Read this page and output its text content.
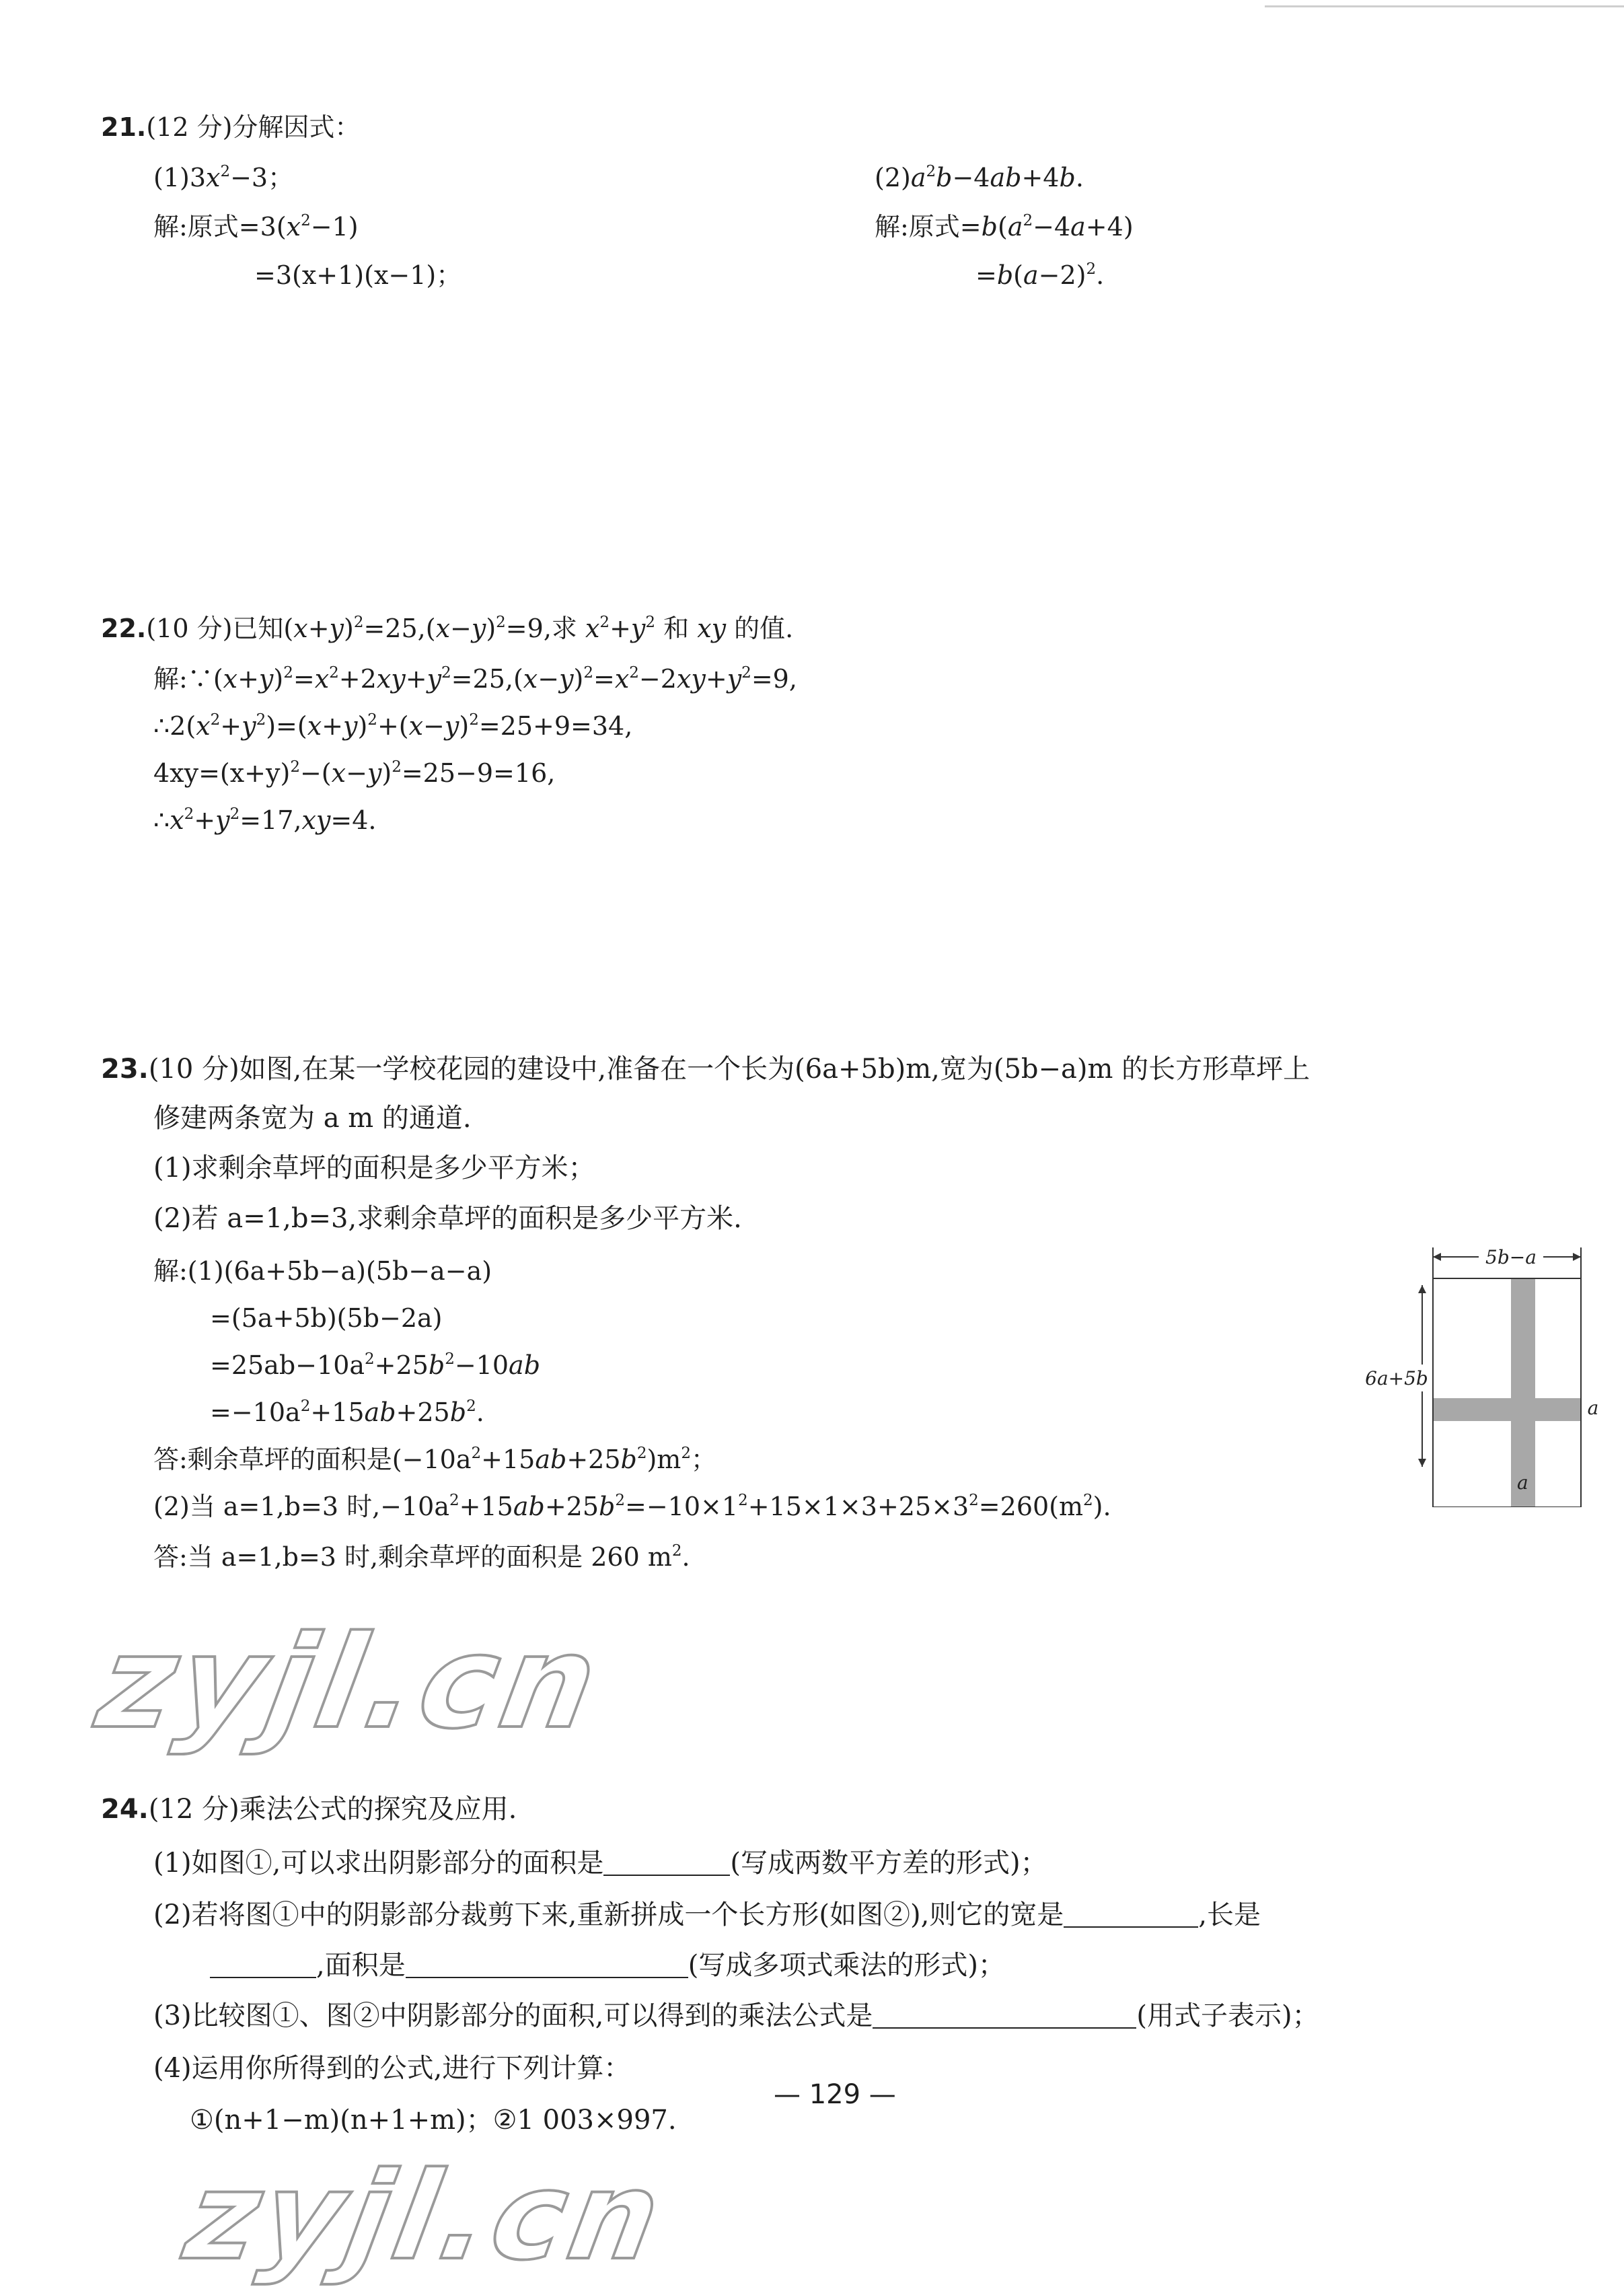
21.(12 分)分解因式：
$(1)3x^2-3$；
解:原式$=3(x^2-1)$
=3(x+1)(x−1)；
$(2)a^2b-4ab+4b$.
解:原式$=b(a^2-4a+4)$
$=b(a-2)^2$.
22.(10 分)已知$(x+y)^2=25,(x-y)^2=9$,求 $x^2+y^2$ 和 xy 的值.
解$:\because(x+y)^2=x^2+2xy+y^2=25,(x-y)^2=x^2-2xy+y^2=9$,
$\therefore 2(x^2+y^2)=(x+y)^2+(x-y)^2=25+9=34$,
$4xy=(x+y)^2-(x-y)^2=25-9=16$,
$\therefore x^2+y^2=17,xy=4$.
23.(10 分)如图,在某一学校花园的建设中,准备在一个长为(6a+5b)m,宽为(5b−a)m 的长方形草坪上
修建两条宽为 a m 的通道.
(1)求剩余草坪的面积是多少平方米；
(2)若 a=1,b=3,求剩余草坪的面积是多少平方米.
解:(1)(6a+5b−a)(5b−a−a)
=(5a+5b)(5b−2a)
$=25ab-10a^2+25b^2-10ab$
$=-10a^2+15ab+25b^2$.
答:剩余草坪的面积是$(-10a^2+15ab+25b^2)m^2$；
(2)当 a=1,b=3 时$,-10a^2+15ab+25b^2=-10\times 1^2+15\times 1\times 3+25\times 3^2=260(m^2)$.
答:当 a=1,b=3 时,剩余草坪的面积是 260 $m^2$.
5b−a
6a+5b
a
a
zyjl.cn
24.(12 分)乘法公式的探究及应用.
(1)如图①,可以求出阴影部分的面积是	(写成两数平方差的形式)；
(2)若将图①中的阴影部分裁剪下来,重新拼成一个长方形(如图②),则它的宽是	,长是
,面积是	(写成多项式乘法的形式)；
(3)比较图①、图②中阴影部分的面积,可以得到的乘法公式是	(用式子表示)；
(4)运用你所得到的公式,进行下列计算：
①(n+1−m)(n+1+m)；②1 003×997.
— 129 —
zyjl.cn
